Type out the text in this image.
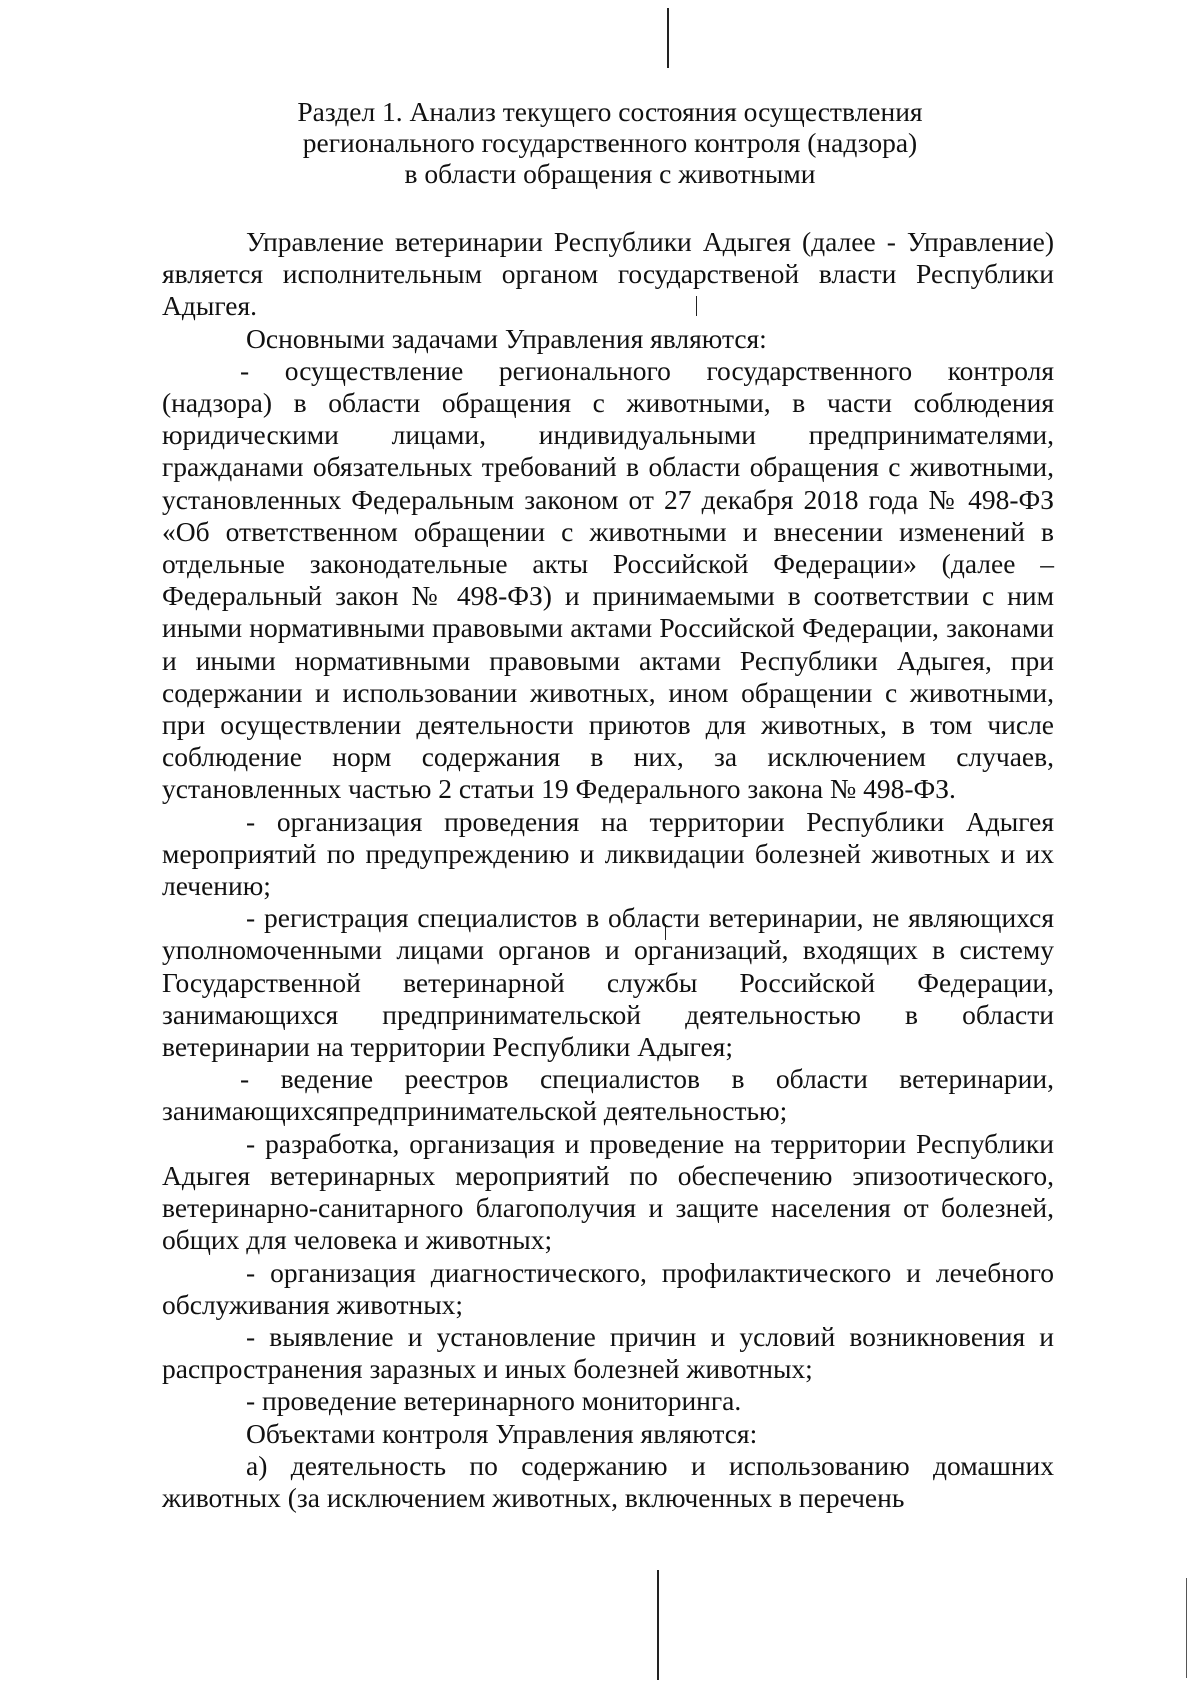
Раздел 1. Анализ текущего состояния осуществления
регионального государственного контроля (надзора)
в области обращения с животными

Управление ветеринарии Республики Адыгея (далее - Управление) является исполнительным органом государственой власти Республики Адыгея.

Основными задачами Управления являются:

- осуществление регионального государственного контроля (надзора) в области обращения с животными, в части соблюдения юридическими лицами, индивидуальными предпринимателями, гражданами обязательных требований в области обращения с животными, установленных Федеральным законом от 27 декабря 2018 года № 498-ФЗ «Об ответственном обращении с животными и внесении изменений в отдельные законодательные акты Российской Федерации» (далее – Федеральный закон № 498-ФЗ) и принимаемыми в соответствии с ним иными нормативными правовыми актами Российской Федерации, законами и иными нормативными правовыми актами Республики Адыгея, при содержании и использовании животных, ином обращении с животными, при осуществлении деятельности приютов для животных, в том числе соблюдение норм содержания в них, за исключением случаев, установленных частью 2 статьи 19 Федерального закона № 498-ФЗ.

- организация проведения на территории Республики Адыгея мероприятий по предупреждению и ликвидации болезней животных и их лечению;

- регистрация специалистов в области ветеринарии, не являющихся уполномоченными лицами органов и организаций, входящих в систему Государственной ветеринарной службы Российской Федерации, занимающихся предпринимательской деятельностью в области ветеринарии на территории Республики Адыгея;

- ведение реестров специалистов в области ветеринарии, занимающихсяпредпринимательской деятельностью;

- разработка, организация и проведение на территории Республики Адыгея ветеринарных мероприятий по обеспечению эпизоотического, ветеринарно-санитарного благополучия и защите населения от болезней, общих для человека и животных;

- организация диагностического, профилактического и лечебного обслуживания животных;

- выявление и установление причин и условий возникновения и распространения заразных и иных болезней животных;

- проведение ветеринарного мониторинга.

Объектами контроля Управления являются:

а) деятельность по содержанию и использованию домашних животных (за исключением животных, включенных в перечень
